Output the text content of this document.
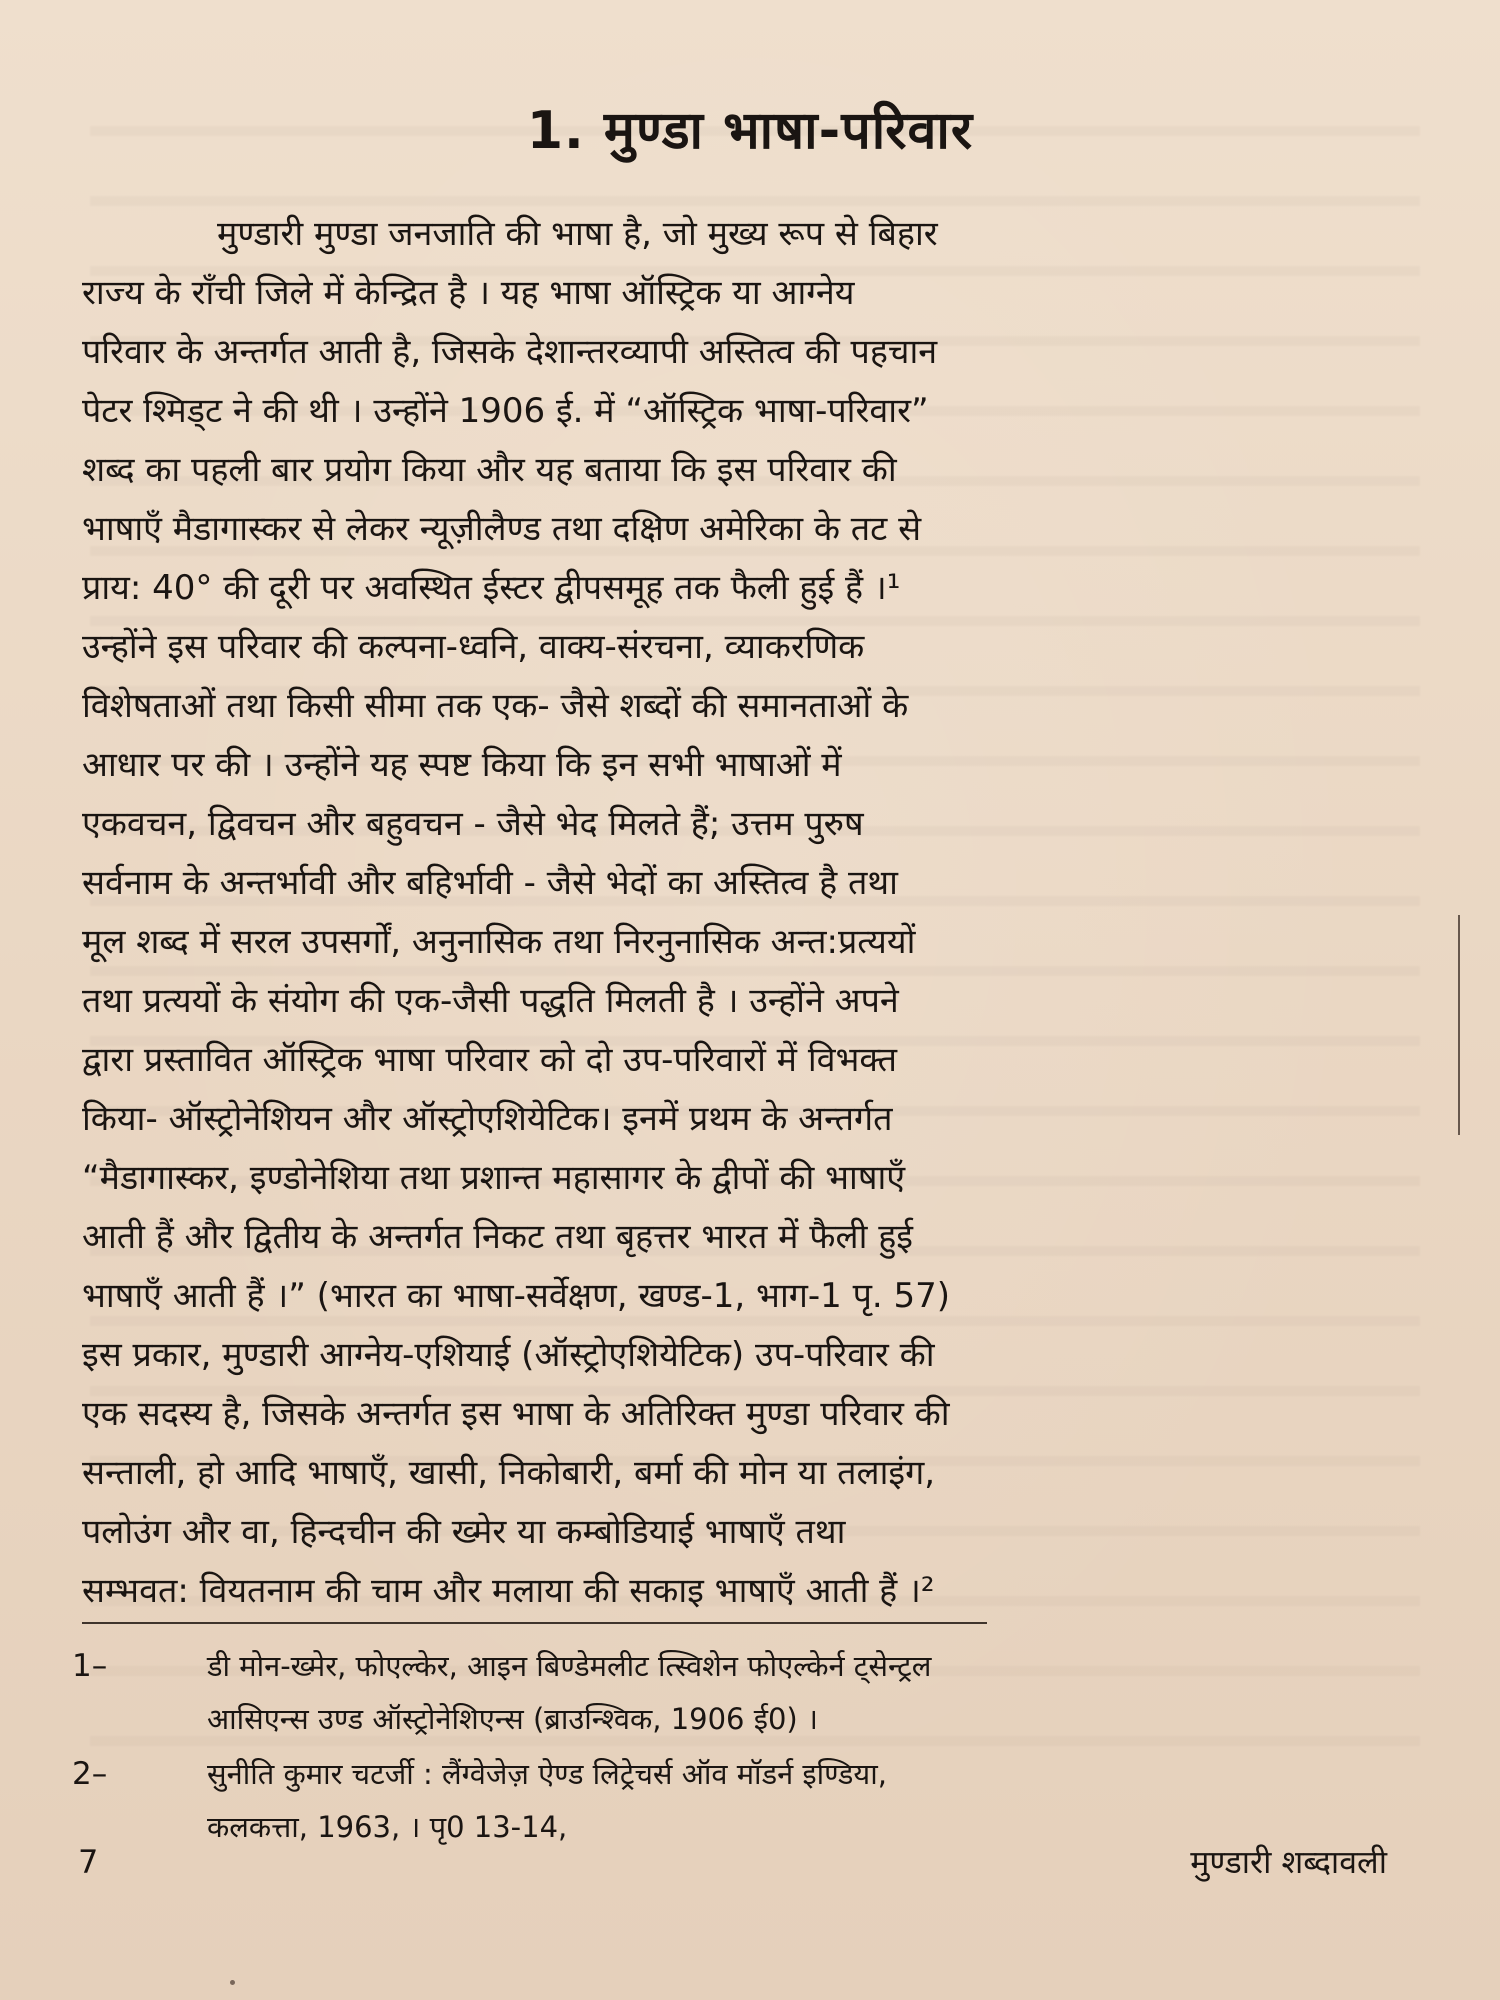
1. मुण्डा भाषा-परिवार
मुण्डारी मुण्डा जनजाति की भाषा है, जो मुख्य रूप से बिहार
राज्य के राँची जिले में केन्द्रित है । यह भाषा ऑस्ट्रिक या आग्नेय
परिवार के अन्तर्गत आती है, जिसके देशान्तरव्यापी अस्तित्व की पहचान
पेटर श्मिड्ट ने की थी । उन्होंने 1906 ई. में “ऑस्ट्रिक भाषा-परिवार”
शब्द का पहली बार प्रयोग किया और यह बताया कि इस परिवार की
भाषाएँ मैडागास्कर से लेकर न्यूज़ीलैण्ड तथा दक्षिण अमेरिका के तट से
प्राय: 40° की दूरी पर अवस्थित ईस्टर द्वीपसमूह तक फैली हुई हैं ।¹
उन्होंने इस परिवार की कल्पना-ध्वनि, वाक्य-संरचना, व्याकरणिक
विशेषताओं तथा किसी सीमा तक एक- जैसे शब्दों की समानताओं के
आधार पर की । उन्होंने यह स्पष्ट किया कि इन सभी भाषाओं में
एकवचन, द्विवचन और बहुवचन - जैसे भेद मिलते हैं; उत्तम पुरुष
सर्वनाम के अन्तर्भावी और बहिर्भावी - जैसे भेदों का अस्तित्व है तथा
मूल शब्द में सरल उपसर्गों, अनुनासिक तथा निरनुनासिक अन्त:प्रत्ययों
तथा प्रत्ययों के संयोग की एक-जैसी पद्धति मिलती है । उन्होंने अपने
द्वारा प्रस्तावित ऑस्ट्रिक भाषा परिवार को दो उप-परिवारों में विभक्त
किया- ऑस्ट्रोनेशियन और ऑस्ट्रोएशियेटिक। इनमें प्रथम के अन्तर्गत
“मैडागास्कर, इण्डोनेशिया तथा प्रशान्त महासागर के द्वीपों की भाषाएँ
आती हैं और द्वितीय के अन्तर्गत निकट तथा बृहत्तर भारत में फैली हुई
भाषाएँ आती हैं ।” (भारत का भाषा-सर्वेक्षण, खण्ड-1, भाग-1 पृ. 57)
इस प्रकार, मुण्डारी आग्नेय-एशियाई (ऑस्ट्रोएशियेटिक) उप-परिवार की
एक सदस्य है, जिसके अन्तर्गत इस भाषा के अतिरिक्त मुण्डा परिवार की
सन्ताली, हो आदि भाषाएँ, खासी, निकोबारी, बर्मा की मोन या तलाइंग,
पलोउंग और वा, हिन्दचीन की ख्मेर या कम्बोडियाई भाषाएँ तथा
सम्भवत: वियतनाम की चाम और मलाया की सकाइ भाषाएँ आती हैं ।²
1–	डी मोन-ख्मेर, फोएल्केर, आइन बिण्डेमलीट त्स्विशेन फोएल्केर्न ट्सेन्ट्रल
आसिएन्स उण्ड ऑस्ट्रोनेशिएन्स (ब्राउन्श्विक, 1906 ई0) ।
2–	सुनीति कुमार चटर्जी : लैंग्वेजेज़ ऐण्ड लिट्रेचर्स ऑव मॉडर्न इण्डिया,
कलकत्ता, 1963, । पृ0 13-14,
7	मुण्डारी शब्दावली
